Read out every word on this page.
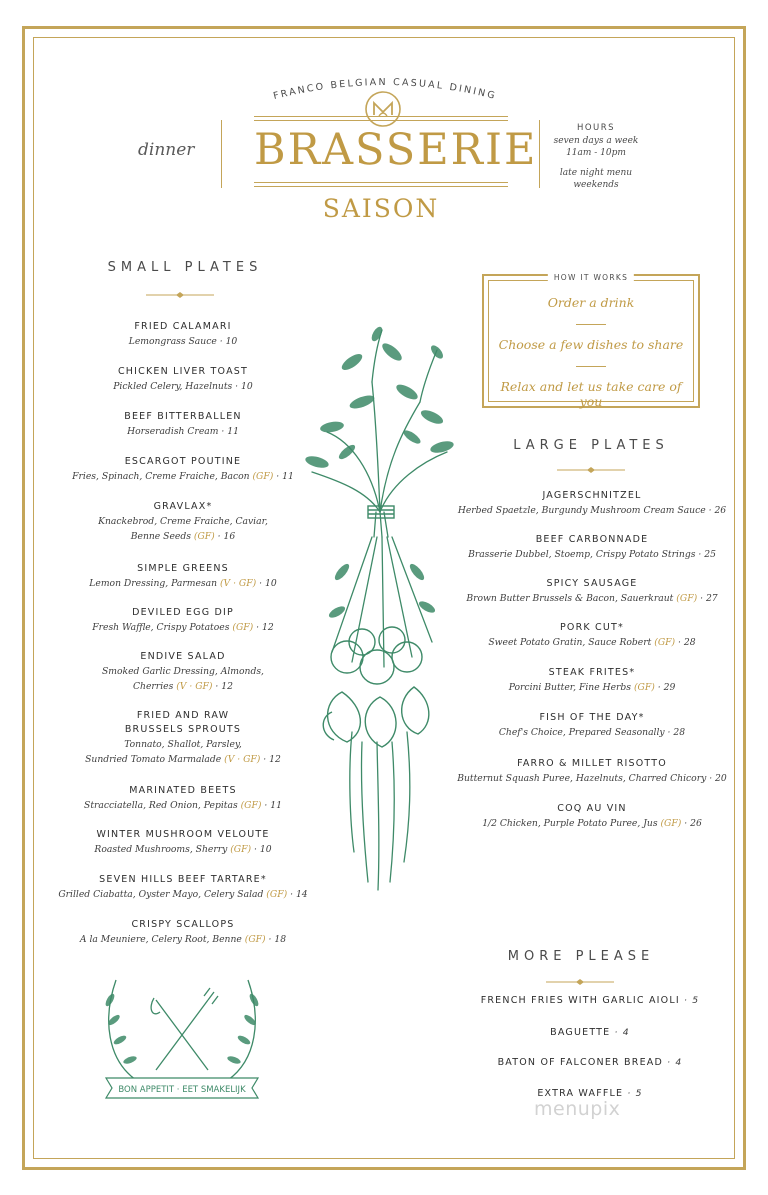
FRANCO BELGIAN CASUAL DINING
dinner BRASSERIE
SAISON
HOURS
seven days a week
11am - 10pm
late night menu
weekends
SMALL PLATES
FRIED CALAMARI
Lemongrass Sauce · 10
CHICKEN LIVER TOAST
Pickled Celery, Hazelnuts · 10
BEEF BITTERBALLEN
Horseradish Cream · 11
ESCARGOT POUTINE
Fries, Spinach, Creme Fraiche, Bacon (GF) · 11
GRAVLAX*
Knackebrod, Creme Fraiche, Caviar,
Benne Seeds (GF) · 16
SIMPLE GREENS
Lemon Dressing, Parmesan (V · GF) · 10
DEVILED EGG DIP
Fresh Waffle, Crispy Potatoes (GF) · 12
ENDIVE SALAD
Smoked Garlic Dressing, Almonds,
Cherries (V · GF) · 12
FRIED AND RAW
BRUSSELS SPROUTS
Tonnato, Shallot, Parsley,
Sundried Tomato Marmalade (V · GF) · 12
MARINATED BEETS
Stracciatella, Red Onion, Pepitas (GF) · 11
WINTER MUSHROOM VELOUTE
Roasted Mushrooms, Sherry (GF) · 10
SEVEN HILLS BEEF TARTARE*
Grilled Ciabatta, Oyster Mayo, Celery Salad (GF) · 14
CRISPY SCALLOPS
A la Meuniere, Celery Root, Benne (GF) · 18
HOW IT WORKS
Order a drink
Choose a few dishes to share
Relax and let us take care of you
LARGE PLATES
JAGERSCHNITZEL
Herbed Spaetzle, Burgundy Mushroom Cream Sauce · 26
BEEF CARBONNADE
Brasserie Dubbel, Stoemp, Crispy Potato Strings · 25
SPICY SAUSAGE
Brown Butter Brussels & Bacon, Sauerkraut (GF) · 27
PORK CUT*
Sweet Potato Gratin, Sauce Robert (GF) · 28
STEAK FRITES*
Porcini Butter, Fine Herbs (GF) · 29
FISH OF THE DAY*
Chef's Choice, Prepared Seasonally · 28
FARRO & MILLET RISOTTO
Butternut Squash Puree, Hazelnuts, Charred Chicory · 20
COQ AU VIN
1/2 Chicken, Purple Potato Puree, Jus (GF) · 26
MORE PLEASE
FRENCH FRIES WITH GARLIC AIOLI · 5
BAGUETTE · 4
BATON OF FALCONER BREAD · 4
EXTRA WAFFLE · 5
BON APPETIT · EET SMAKELIJK
menupix
